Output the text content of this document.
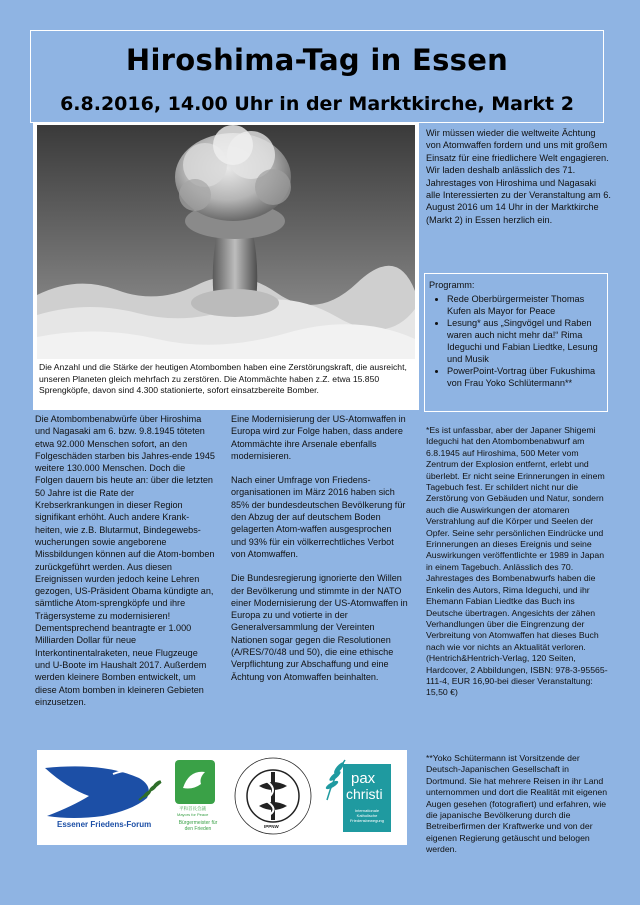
Hiroshima-Tag in Essen
6.8.2016, 14.00 Uhr in der Marktkirche, Markt 2
Die Anzahl und die Stärke der heutigen Atombomben haben eine Zerstörungskraft, die ausreicht, unseren Planeten gleich mehrfach zu zerstören. Die Atommächte haben z.Z. etwa 15.850 Sprengköpfe, davon sind 4.300 stationierte, sofort einsatzbereite Bomber.
Wir müssen wieder die weltweite Ächtung von Atomwaffen fordern und uns mit großem Einsatz für eine friedlichere Welt engagieren. Wir laden deshalb anlässlich des 71. Jahrestages von Hiroshima und Nagasaki alle Interessierten zu der Veranstaltung am 6. August 2016 um 14 Uhr in der Marktkirche (Markt 2) in Essen herzlich ein.
Programm:
• Rede Oberbürgermeister Thomas Kufen als Mayor for Peace
• Lesung* aus „Singvögel und Raben waren auch nicht mehr da!“ Rima Ideguchi und Fabian Liedtke, Lesung und Musik
• PowerPoint-Vortrag über Fukushima von Frau Yoko Schlütermann**
Die Atombombenabwürfe über Hiroshima und Nagasaki am 6. bzw. 9.8.1945 töteten etwa 92.000 Menschen sofort, an den Folgeschäden starben bis Jahres-ende 1945 weitere 130.000 Menschen. Doch die Folgen dauern bis heute an: über die letzten 50 Jahre ist die Rate der Krebserkrankungen in dieser Region signifikant erhöht. Auch andere Krank-heiten, wie z.B. Blutarmut, Bindegewebs-wucherungen sowie angeborene Missbildungen können auf die Atom-bomben zurückgeführt werden. Aus diesen Ereignissen wurden jedoch keine Lehren gezogen, US-Präsident Obama kündigte an, sämtliche Atom-sprengköpfe und ihre Trägersysteme zu modernisieren! Dementsprechend beantragte er 1.000 Milliarden Dollar für neue Interkontinentalraketen, neue Flugzeuge und U-Boote im Haushalt 2017. Außerdem werden kleinere Bomben entwickelt, um diese Atom bomben in kleineren Gebieten einzusetzen.

Eine Modernisierung der US-Atomwaffen in Europa wird zur Folge haben, dass andere Atommächte ihre Arsenale ebenfalls modernisieren.

Nach einer Umfrage von Friedens-organisationen im März 2016 haben sich 85% der bundesdeutschen Bevölkerung für den Abzug der auf deutschem Boden gelagerten Atom-waffen ausgesprochen und 93% für ein völkerrechtliches Verbot von Atomwaffen.

Die Bundesregierung ignorierte den Willen der Bevölkerung und stimmte in der NATO einer Modernisierung der US-Atomwaffen in Europa zu und votierte in der Generalversammlung der Vereinten Nationen sogar gegen die Resolutionen (A/RES/70/48 und 50), die eine ethische Verpflichtung zur Abschaffung und eine Ächtung von Atomwaffen beinhalten.

*Es ist unfassbar, aber der Japaner Shigemi Ideguchi hat den Atombombenabwurf am 6.8.1945 auf Hiroshima, 500 Meter vom Zentrum der Explosion entfernt, erlebt und überlebt. Er nicht seine Erinnerungen in einem Tagebuch fest. Er schildert nicht nur die Zerstörung von Gebäuden und Natur, sondern auch die Auswirkungen der atomaren Verstrahlung auf die Körper und Seelen der Opfer. Seine sehr persönlichen Eindrücke und Erinnerungen an dieses Ereignis und seine Auswirkungen veröffentlichte er 1989 in Japan in einem Tagebuch. Anlässlich des 70. Jahrestages des Bombenabwurfs haben die Enkelin des Autors, Rima Ideguchi, und ihr Ehemann Fabian Liedtke das Buch ins Deutsche übertragen. Angesichts der zähen Verhandlungen über die Eingrenzung der Verbreitung von Atomwaffen hat dieses Buch nach wie vor nichts an Aktualität verloren. (Hentrich&Hentrich-Verlag, 120 Seiten, Hardcover, 2 Abbildungen, ISBN: 978-3-95565-111-4, EUR 16,90-bei dieser Veranstaltung: 15,50 €)
**Yoko Schütermann ist Vorsitzende der Deutsch-Japanischen Gesellschaft in Dortmund. Sie hat mehrere Reisen in ihr Land unternommen und dort die Realität mit eigenen Augen gesehen (fotografiert) und erfahren, wie die japanische Bevölkerung durch die Betreiberfirmen der Kraftwerke und von der eigenen Regierung getäuscht und belogen werden.
Essener Friedens-Forum
平和首長会議
Mayors for Peace
Bürgermeister für den Frieden	IPPNW
pax
christi
Internationale Katholische Friedensbewegung
